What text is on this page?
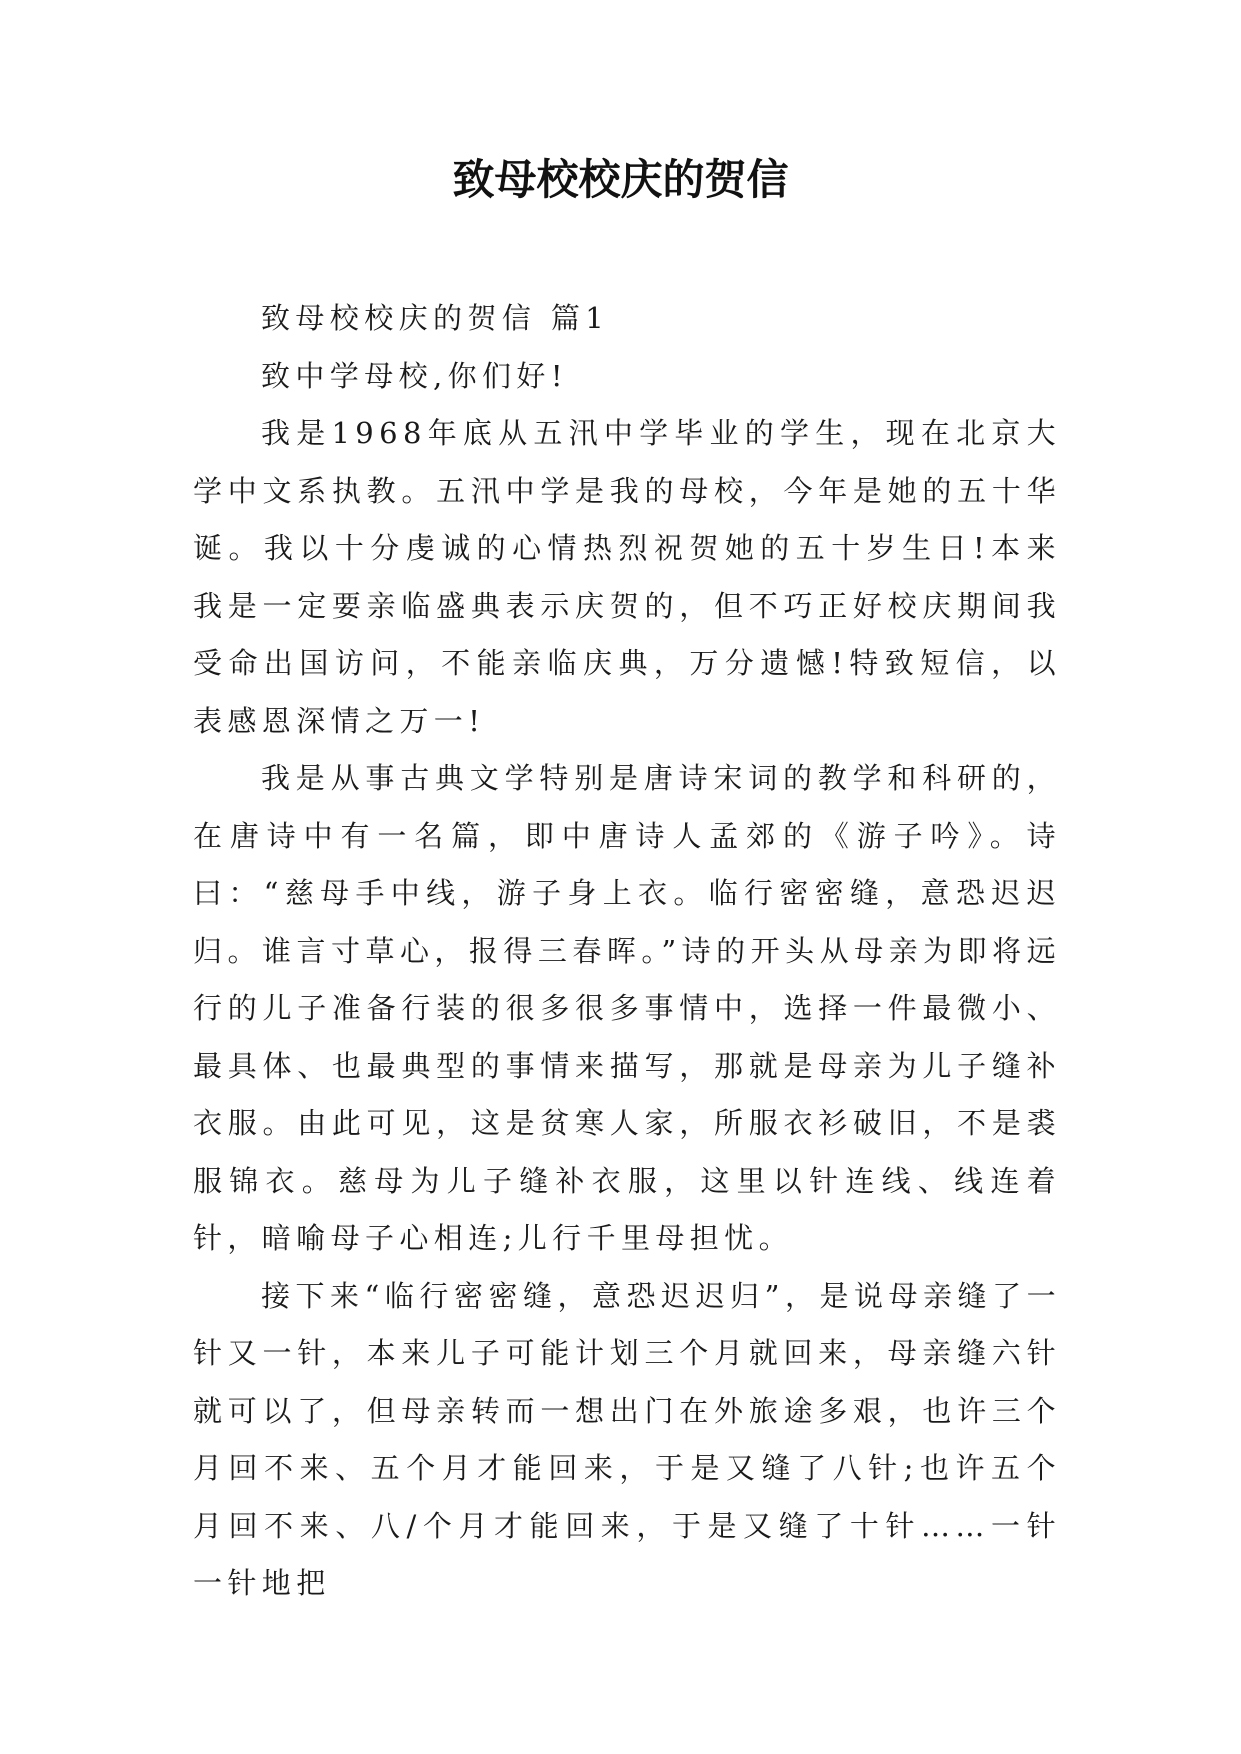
致母校校庆的贺信

致母校校庆的贺信 篇1

致中学母校,你们好!

我是1968年底从五汛中学毕业的学生，现在北京大学中文系执教。五汛中学是我的母校，今年是她的五十华诞。我以十分虔诚的心情热烈祝贺她的五十岁生日!本来我是一定要亲临盛典表示庆贺的，但不巧正好校庆期间我受命出国访问，不能亲临庆典，万分遗憾!特致短信，以表感恩深情之万一!

我是从事古典文学特别是唐诗宋词的教学和科研的，在唐诗中有一名篇，即中唐诗人孟郊的《游子吟》。诗曰：“慈母手中线，游子身上衣。临行密密缝，意恐迟迟归。谁言寸草心，报得三春晖。”诗的开头从母亲为即将远行的儿子准备行装的很多很多事情中，选择一件最微小、最具体、也最典型的事情来描写，那就是母亲为儿子缝补衣服。由此可见，这是贫寒人家，所服衣衫破旧，不是裘服锦衣。慈母为儿子缝补衣服，这里以针连线、线连着针，暗喻母子心相连;儿行千里母担忧。

接下来“临行密密缝，意恐迟迟归”，是说母亲缝了一针又一针，本来儿子可能计划三个月就回来，母亲缝六针就可以了，但母亲转而一想出门在外旅途多艰，也许三个月回不来、五个月才能回来，于是又缝了八针;也许五个月回不来、八/个月才能回来，于是又缝了十针……一针一针地把
